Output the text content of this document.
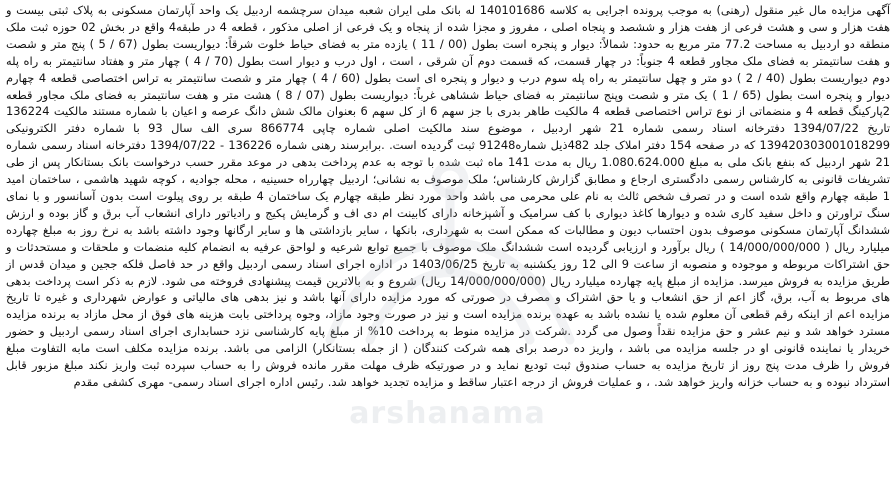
آگهی مزایده مال غیر منقول (رهنی) به موجب پرونده اجرایی به کلاسه 140101686 له بانک ملی ایران شعبه میدان سرچشمه اردبیل یک واحد آپارتمان مسکونی به پلاک ثبتی بیست و هفت هزار و سی و هشت فرعی از هفت هزار و ششصد و پنجاه اصلی ، مفروز و مجزا شده از پنجاه و یک فرعی از اصلی مذکور ، قطعه 4 در طبقه4 واقع در بخش 02 حوزه ثبت ملک منطقه دو اردبیل به مساحت 77.2 متر مربع به حدود: شمالاً: دیوار و پنجره است بطول (00 / 11 ) یازده متر به فضای حیاط خلوت شرقاً: دیواریست بطول (67 / 5 ) پنج متر و شصت و هفت سانتیمتر به فضای ملک مجاور قطعه 4 جنوباً: در چهار قسمت، که قسمت دوم آن شرقی ، است ، اول درب و دیوار است بطول (70 / 4 ) چهار متر و هفتاد سانتیمتر به راه پله دوم دیواریست بطول (40 / 2 ) دو متر و چهل سانتیمتر به راه پله سوم درب و دیوار و پنجره ای است بطول (60 / 4 ) چهار متر و شصت سانتیمتر به تراس اختصاصی قطعه 4 چهارم دیوار و پنجره است بطول (65 / 1 ) یک متر و شصت وپنج سانتیمتر به فضای حیاط ششاهی غرباً: دیواریست بطول (07 / 8 ) هشت متر و هفت سانتیمتر به فضای ملک مجاور قطعه 2پارکینگ قطعه 4 و منضماتی از نوع تراس اختصاصی قطعه 4 مالکیت طاهر بدری با جز سهم 6 از کل سهم 6 بعنوان مالک شش دانگ عرصه و اعیان با شماره مستند مالکیت 136224 تاریخ 1394/07/22 دفترخانه اسناد رسمی شماره 21 شهر اردبیل ، موضوع سند مالکیت اصلی شماره چاپی 866774 سری الف سال 93 با شماره دفتر الکترونیکی 139420303001018299 که در صفحه 154 دفتر املاک جلد 482ذیل شماره91248 ثبت گردیده است. .برابرسند رهنی شماره 136226 - 1394/07/22 دفترخانه اسناد رسمی شماره 21 شهر اردبیل که بنفع بانک ملی به مبلغ 1.080.624.000 ریال به مدت 141 ماه ثبت شده با توجه به عدم پرداخت بدهی در موعد مقرر حسب درخواست بانک بستانکار پس از طی تشریفات قانونی به کارشناس رسمی دادگستری ارجاع و مطابق گزارش کارشناس؛ ملک موصوف به نشانی؛ اردبیل چهارراه حسینیه ، محله جوادیه ، کوچه شهید هاشمی ، ساختمان امید 1 طبقه چهارم واقع شده است و در تصرف شخص ثالث به نام علی محرمی می باشد واحد مورد نظر طبقه چهارم یک ساختمان 4 طبقه بر روی پیلوت است بدون آسانسور و با نمای سنگ تراورتن و داخل سفید کاری شده و دیوارها کاغذ دیواری با کف سرامیک و آشپزخانه دارای کابینت ام دی اف و گرمایش پکیج و رادیاتور دارای انشعاب آب برق و گاز بوده و ارزش ششدانگ آپارتمان مسکونی موصوف بدون احتساب دیون و مطالبات که ممکن است به شهرداری، بانکها ، سایر بازداشتی ها و سایر ارگانها وجود داشته باشد به نرخ روز به مبلغ چهارده میلیارد ریال ( 14/000/000/000 ) ریال برآورد و ارزیابی گردیده است ششدانگ ملک موصوف با جمیع توابع شرعیه و لواحق عرفیه به انضمام کلیه منضمات و ملحقات و مستحدثات و حق اشتراکات مربوطه و موجوده و منصوبه از ساعت 9 الی 12 روز یکشنبه به تاریخ 1403/06/25 در اداره اجرای اسناد رسمی اردبیل واقع در حد فاصل فلکه ججین و میدان قدس از طریق مزایده به فروش میرسد. مزایده از مبلغ پایه چهارده میلیارد ریال (14/000/000/000 ریال) شروع و به بالاترین قیمت پیشنهادی فروخته می شود. لازم به ذکر است پرداخت بدهی های مربوط به آب، برق، گاز اعم از حق انشعاب و یا حق اشتراک و مصرف در صورتی که مورد مزایده دارای آنها باشد و نیز بدهی های مالیاتی و عوارض شهرداری و غیره تا تاریخ مزایده اعم از اینکه رقم قطعی آن معلوم شده یا نشده باشد به عهده برنده مزایده است و نیز در صورت وجود مازاد، وجوه پرداختی بابت هزینه های فوق از محل مازاد به برنده مزایده مسترد خواهد شد و نیم عشر و حق مزایده نقداً وصول می گردد .شرکت در مزایده منوط به پرداخت 10% از مبلغ پایه کارشناسی نزد حسابداری اجرای اسناد رسمی اردبیل و حضور خریدار یا نماینده قانونی او در جلسه مزایده می باشد ، واریز ده درصد برای همه شرکت کنندگان ( از جمله بستانکار) الزامی می باشد. برنده مزایده مکلف است مابه التفاوت مبلغ فروش را ظرف مدت پنج روز از تاریخ مزایده به حساب صندوق ثبت تودیع نماید و در صورتیکه ظرف مهلت مقرر مانده فروش را به حساب سپرده ثبت واریز نکند مبلغ مزبور قابل استرداد نبوده و به حساب خزانه واریز خواهد شد. ، و عملیات فروش از درجه اعتبار ساقط و مزایده تجدید خواهد شد. رئیس اداره اجرای اسناد رسمی- مهری کشفی مقدم

arshanama
